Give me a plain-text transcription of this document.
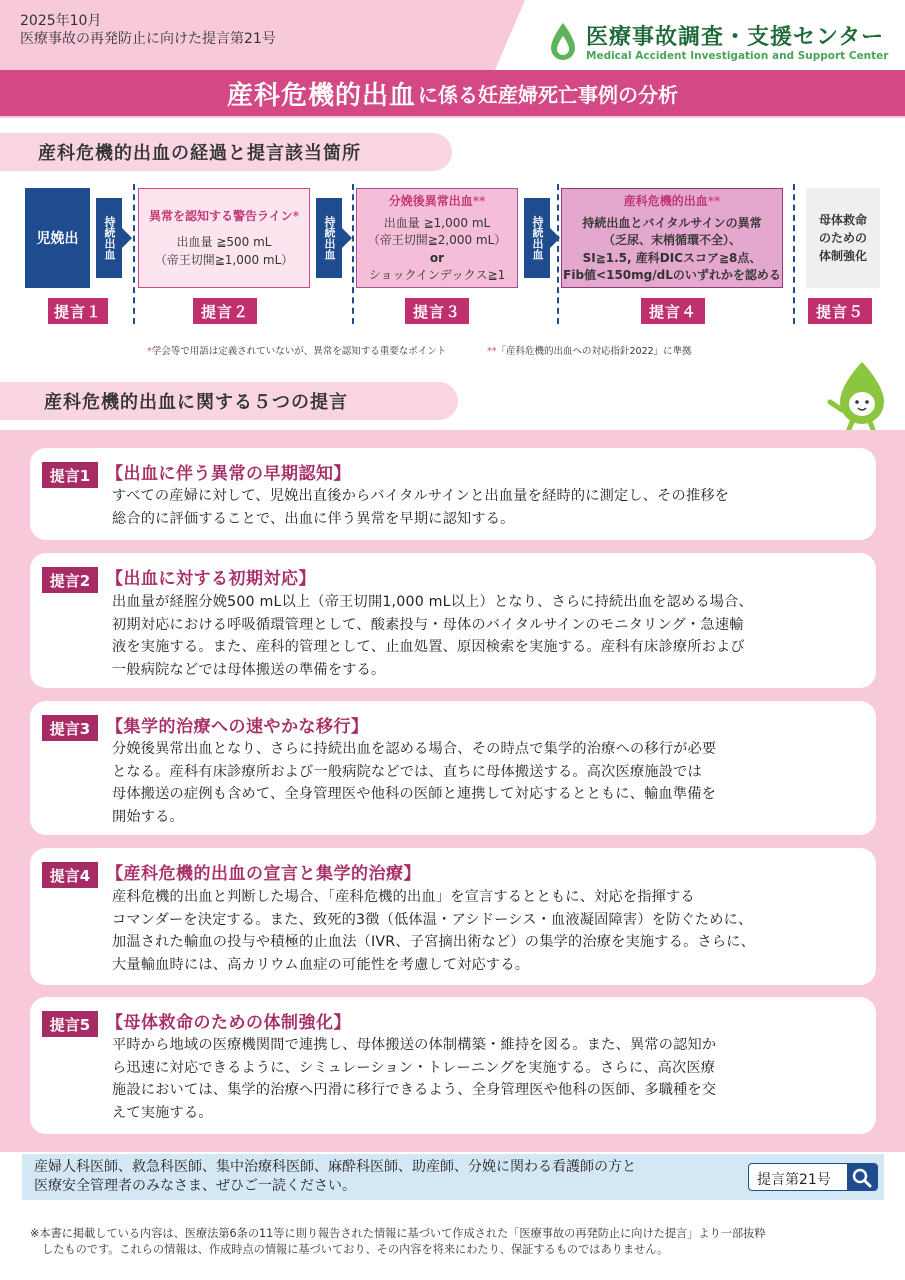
2025年10月
医療事故の再発防止に向けた提言第21号	医療事故調査・支援センター
Medical Accident Investigation and Support Center
産科危機的出血 に係る妊産婦死亡事例の分析
産科危機的出血の経過と提言該当箇所
児娩出	持続出血	異常を認知する警告ライン*
出血量 ≧500 mL
（帝王切開≧1,000 mL）	持続出血
分娩後異常出血**
出血量 ≧1,000 mL
（帝王切開≧2,000 mL）
or
ショックインデックス≧1
持続出血
産科危機的出血**
持続出血とバイタルサインの異常
（乏尿、末梢循環不全）、
SI≧1.5, 産科DICスコア≧8点、
Fib値<150mg/dLのいずれかを認める
母体救命
のための
体制強化
提言１	提言２	提言３	提言４	提言５
*学会等で用語は定義されていないが、異常を認知する重要なポイント	**「産科危機的出血への対応指針2022」に準拠
産科危機的出血に関する５つの提言
提言1 【出血に伴う異常の早期認知】
すべての産婦に対して、児娩出直後からバイタルサインと出血量を経時的に測定し、その推移を
総合的に評価することで、出血に伴う異常を早期に認知する。
提言2 【出血に対する初期対応】
出血量が経腟分娩500 mL以上（帝王切開1,000 mL以上）となり、さらに持続出血を認める場合、
初期対応における呼吸循環管理として、酸素投与・母体のバイタルサインのモニタリング・急速輸
液を実施する。また、産科的管理として、止血処置、原因検索を実施する。産科有床診療所および
一般病院などでは母体搬送の準備をする。
提言3 【集学的治療への速やかな移行】
分娩後異常出血となり、さらに持続出血を認める場合、その時点で集学的治療への移行が必要
となる。産科有床診療所および一般病院などでは、直ちに母体搬送する。高次医療施設では
母体搬送の症例も含めて、全身管理医や他科の医師と連携して対応するとともに、輸血準備を
開始する。
提言4 【産科危機的出血の宣言と集学的治療】
産科危機的出血と判断した場合、「産科危機的出血」を宣言するとともに、対応を指揮する
コマンダーを決定する。また、致死的3徴（低体温・アシドーシス・血液凝固障害）を防ぐために、
加温された輸血の投与や積極的止血法（IVR、子宮摘出術など）の集学的治療を実施する。さらに、
大量輸血時には、高カリウム血症の可能性を考慮して対応する。
提言5 【母体救命のための体制強化】
平時から地域の医療機関間で連携し、母体搬送の体制構築・維持を図る。また、異常の認知か
ら迅速に対応できるように、シミュレーション・トレーニングを実施する。さらに、高次医療
施設においては、集学的治療へ円滑に移行できるよう、全身管理医や他科の医師、多職種を交
えて実施する。
産婦人科医師、救急科医師、集中治療科医師、麻酔科医師、助産師、分娩に関わる看護師の方と
医療安全管理者のみなさま、ぜひご一読ください。	提言第21号
※本書に掲載している内容は、医療法第6条の11等に則り報告された情報に基づいて作成された「医療事故の再発防止に向けた提言」より一部抜粋
したものです。これらの情報は、作成時点の情報に基づいており、その内容を将来にわたり、保証するものではありません。
